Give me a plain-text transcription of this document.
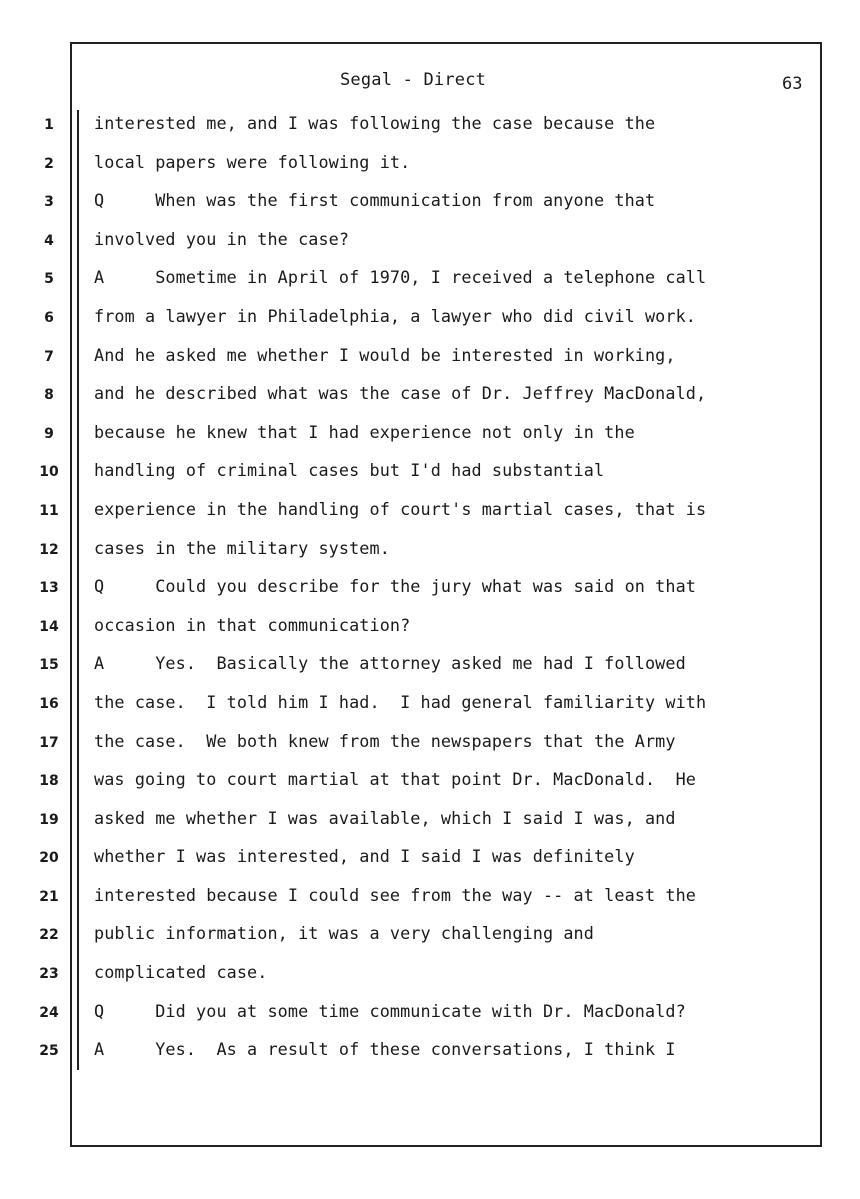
Segal - Direct	63
1
2
3
4
5
6
7
8
9
10
11
12
13
14
15
16
17
18
19
20
21
22
23
24
25
interested me, and I was following the case because the
local papers were following it.
Q     When was the first communication from anyone that
involved you in the case?
A     Sometime in April of 1970, I received a telephone call
from a lawyer in Philadelphia, a lawyer who did civil work.
And he asked me whether I would be interested in working,
and he described what was the case of Dr. Jeffrey MacDonald,
because he knew that I had experience not only in the
handling of criminal cases but I'd had substantial
experience in the handling of court's martial cases, that is
cases in the military system.
Q     Could you describe for the jury what was said on that
occasion in that communication?
A     Yes.  Basically the attorney asked me had I followed
the case.  I told him I had.  I had general familiarity with
the case.  We both knew from the newspapers that the Army
was going to court martial at that point Dr. MacDonald.  He
asked me whether I was available, which I said I was, and
whether I was interested, and I said I was definitely
interested because I could see from the way -- at least the
public information, it was a very challenging and
complicated case.
Q     Did you at some time communicate with Dr. MacDonald?
A     Yes.  As a result of these conversations, I think I
